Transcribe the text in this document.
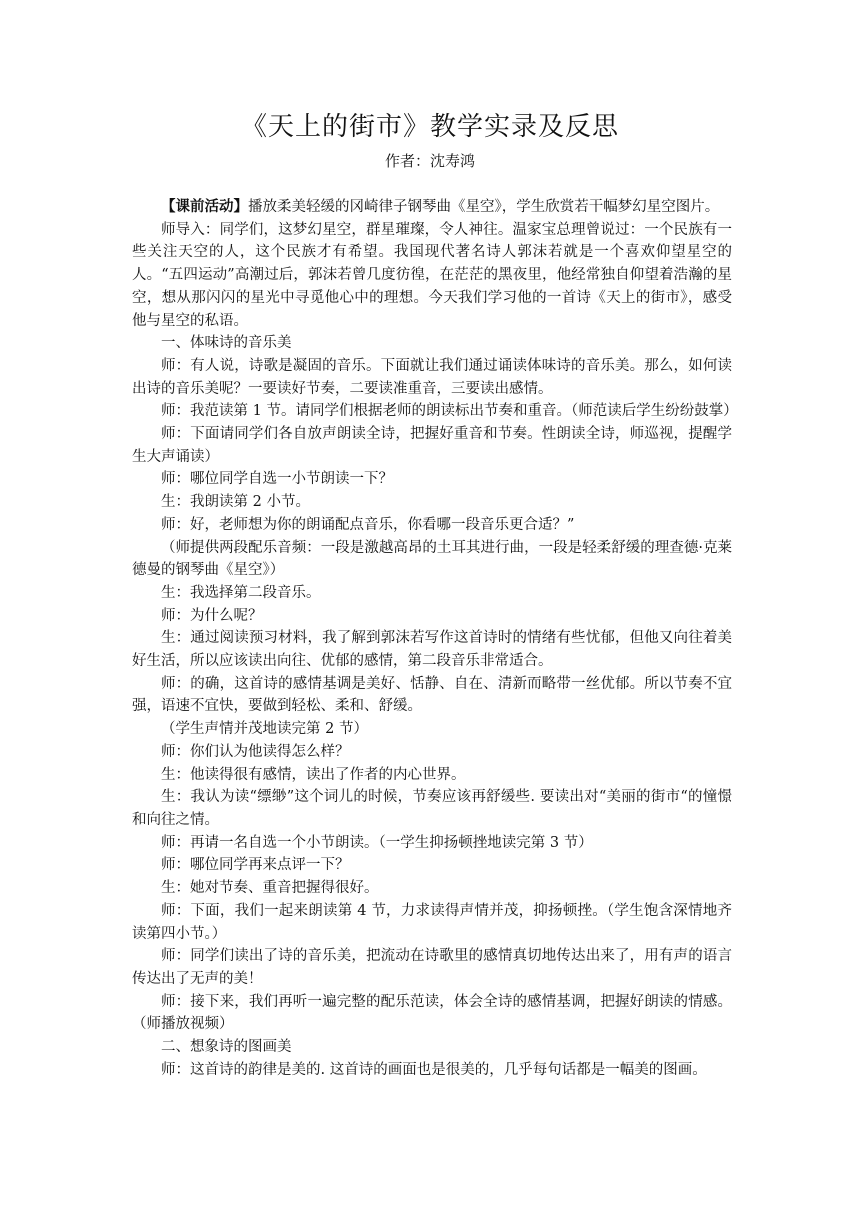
《天上的街市》教学实录及反思
作者：沈寿鸿

【课前活动】播放柔美轻缓的冈崎律子钢琴曲《星空》，学生欣赏若干幅梦幻星空图片。

师导入：同学们，这梦幻星空，群星璀璨，令人神往。温家宝总理曾说过：一个民族有一些关注天空的人，这个民族才有希望。我国现代著名诗人郭沫若就是一个喜欢仰望星空的人。“五四运动”高潮过后，郭沫若曾几度彷徨，在茫茫的黑夜里，他经常独自仰望着浩瀚的星空，想从那闪闪的星光中寻觅他心中的理想。今天我们学习他的一首诗《天上的街市》，感受他与星空的私语。

一、体味诗的音乐美

师：有人说，诗歌是凝固的音乐。下面就让我们通过诵读体味诗的音乐美。那么，如何读出诗的音乐美呢？一要读好节奏，二要读准重音，三要读出感情。

师：我范读第 1 节。请同学们根据老师的朗读标出节奏和重音。（师范读后学生纷纷鼓掌）

师：下面请同学们各自放声朗读全诗，把握好重音和节奏。性朗读全诗，师巡视，提醒学生大声诵读）

师：哪位同学自选一小节朗读一下？

生：我朗读第 2 小节。

师：好，老师想为你的朗诵配点音乐，你看哪一段音乐更合适？”

（师提供两段配乐音频：一段是激越高昂的土耳其进行曲，一段是轻柔舒缓的理查德·克莱德曼的钢琴曲《星空》）

生：我选择第二段音乐。

师：为什么呢？

生：通过阅读预习材料，我了解到郭沫若写作这首诗时的情绪有些忧郁，但他又向往着美好生活，所以应该读出向往、优郁的感情，第二段音乐非常适合。

师：的确，这首诗的感情基调是美好、恬静、自在、清新而略带一丝优郁。所以节奏不宜强，语速不宜快，要做到轻松、柔和、舒缓。

（学生声情并茂地读完第 2 节）

师：你们认为他读得怎么样？

生：他读得很有感情，读出了作者的内心世界。

生：我认为读“缥缈”这个词儿的时候，节奏应该再舒缓些. 要读出对“美丽的街市“的憧憬和向往之情。

师：再请一名自选一个小节朗读。（一学生抑扬顿挫地读完第 3 节）

师：哪位同学再来点评一下？

生：她对节奏、重音把握得很好。

师：下面，我们一起来朗读第 4 节，力求读得声情并茂，抑扬顿挫。（学生饱含深情地齐读第四小节。）

师：同学们读出了诗的音乐美，把流动在诗歌里的感情真切地传达出来了，用有声的语言传达出了无声的美！

师：接下来，我们再听一遍完整的配乐范读，体会全诗的感情基调，把握好朗读的情感。（师播放视频）

二、想象诗的图画美

师：这首诗的韵律是美的. 这首诗的画面也是很美的，几乎每句话都是一幅美的图画。
